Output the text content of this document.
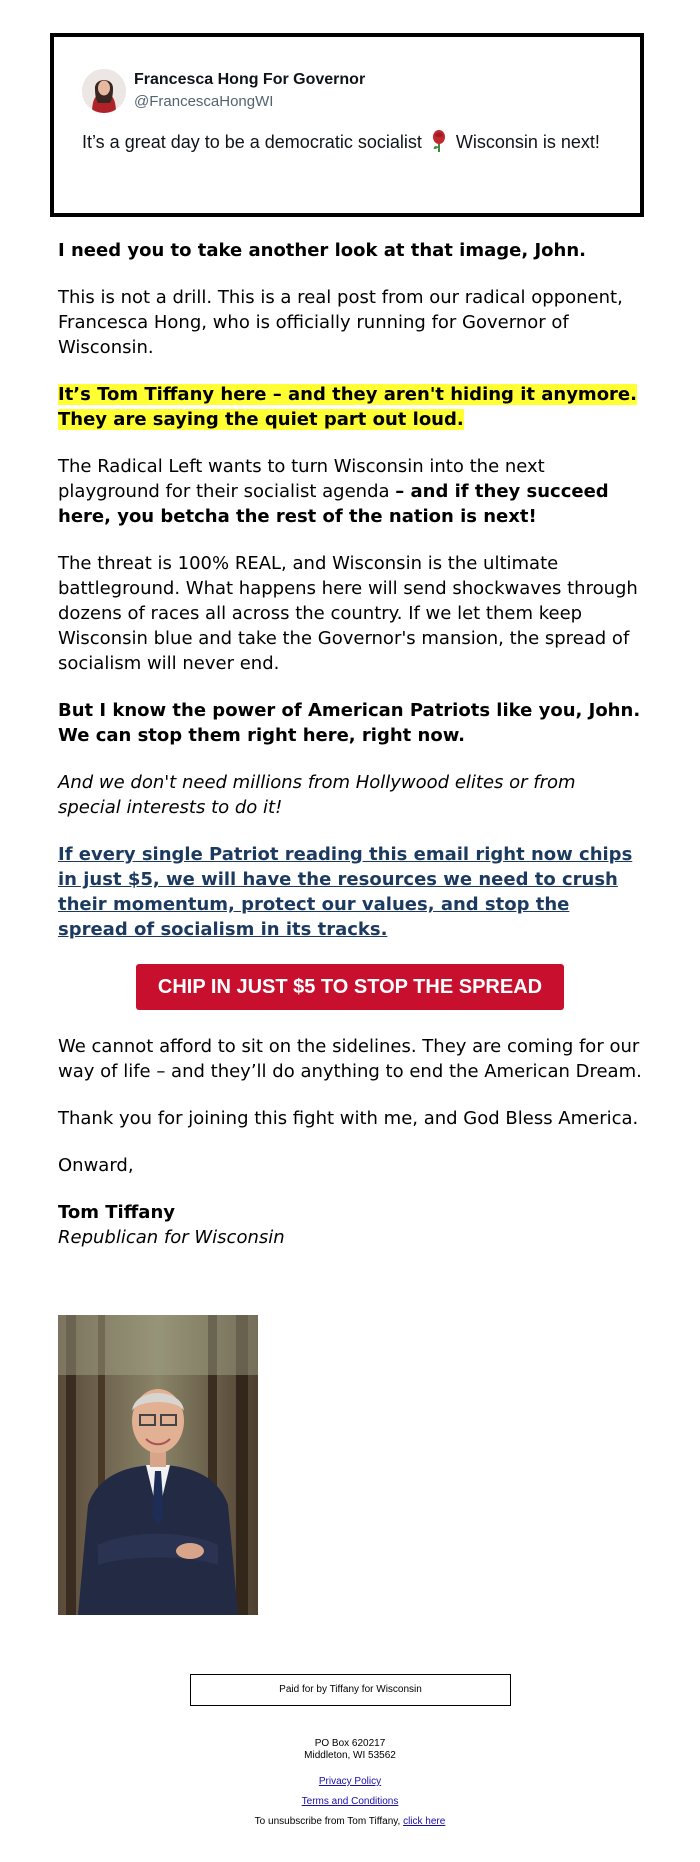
Francesca Hong For Governor
@FrancescaHongWI
It’s a great day to be a democratic socialist Wisconsin is next!

I need you to take another look at that image, John.

This is not a drill. This is a real post from our radical opponent, Francesca Hong, who is officially running for Governor of Wisconsin.

It’s Tom Tiffany here – and they aren't hiding it anymore. They are saying the quiet part out loud.

The Radical Left wants to turn Wisconsin into the next playground for their socialist agenda – and if they succeed here, you betcha the rest of the nation is next!

The threat is 100% REAL, and Wisconsin is the ultimate battleground. What happens here will send shockwaves through dozens of races all across the country. If we let them keep Wisconsin blue and take the Governor's mansion, the spread of socialism will never end.

But I know the power of American Patriots like you, John. We can stop them right here, right now.

And we don't need millions from Hollywood elites or from special interests to do it!

If every single Patriot reading this email right now chips in just $5, we will have the resources we need to crush their momentum, protect our values, and stop the spread of socialism in its tracks.

CHIP IN JUST $5 TO STOP THE SPREAD

We cannot afford to sit on the sidelines. They are coming for our way of life – and they’ll do anything to end the American Dream.

Thank you for joining this fight with me, and God Bless America.

Onward,

Tom Tiffany
Republican for Wisconsin
Paid for by Tiffany for Wisconsin
PO Box 620217
Middleton, WI 53562
Privacy Policy
Terms and Conditions
To unsubscribe from Tom Tiffany, click here
